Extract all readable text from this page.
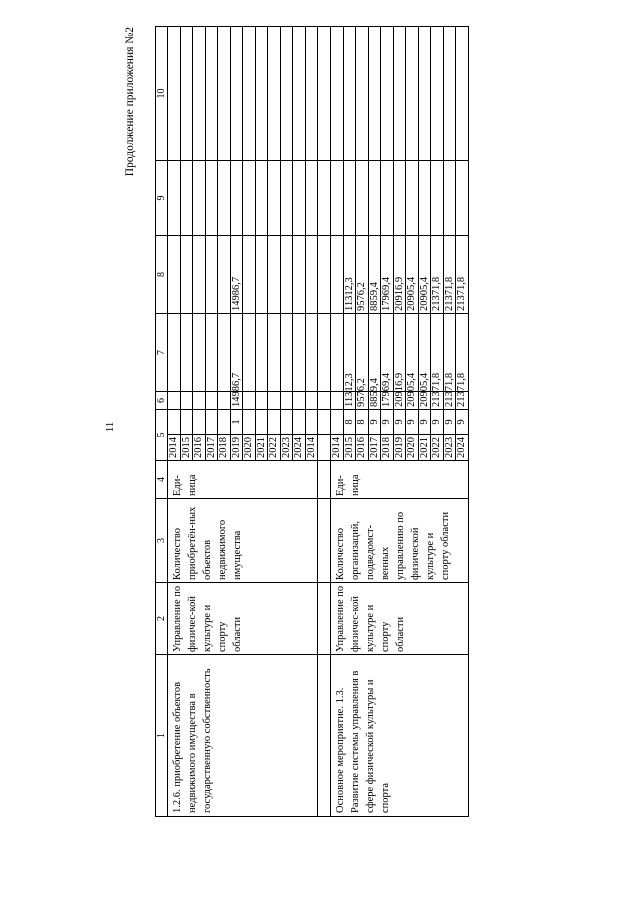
11
Продолжение приложения №2
1	2	3	4	5		6	7	8	9	10
1.2.6. приобретение объектов недвижимого имущества в государственную собственность	Управление по физичес-кой культуре и спорту области	Количество приобретён-ных объектов недвижимого имущества	Еди-ница	2014						
				2015						
				2016						
				2017						
				2018						
				2019	1	14986,7		14986,7		
				2020						
				2021						
				2022						
				2023						
				2024						
				2014						

Основное мероприятие. 1.3. Развитие системы управления в сфере физической культуры и спорта	Управление по физичес-кой культуре и спорту области	Количество организаций, подведомст-венных управлению по физической культуре и спорту области	Еди-ница	2014						
				2015	8	11312,3		11312,3		
				2016	8	9576,2		9576,2		
				2017	9	8859,4		8859,4		
				2018	9	17969,4		17969,4		
				2019	9	20916,9		20916,9		
				2020	9	20905,4		20905,4		
				2021	9	20905,4		20905,4		
				2022	9	21371,8		21371,8		
				2023	9	21371,8		21371,8		
				2024	9	21371,8		21371,8		
